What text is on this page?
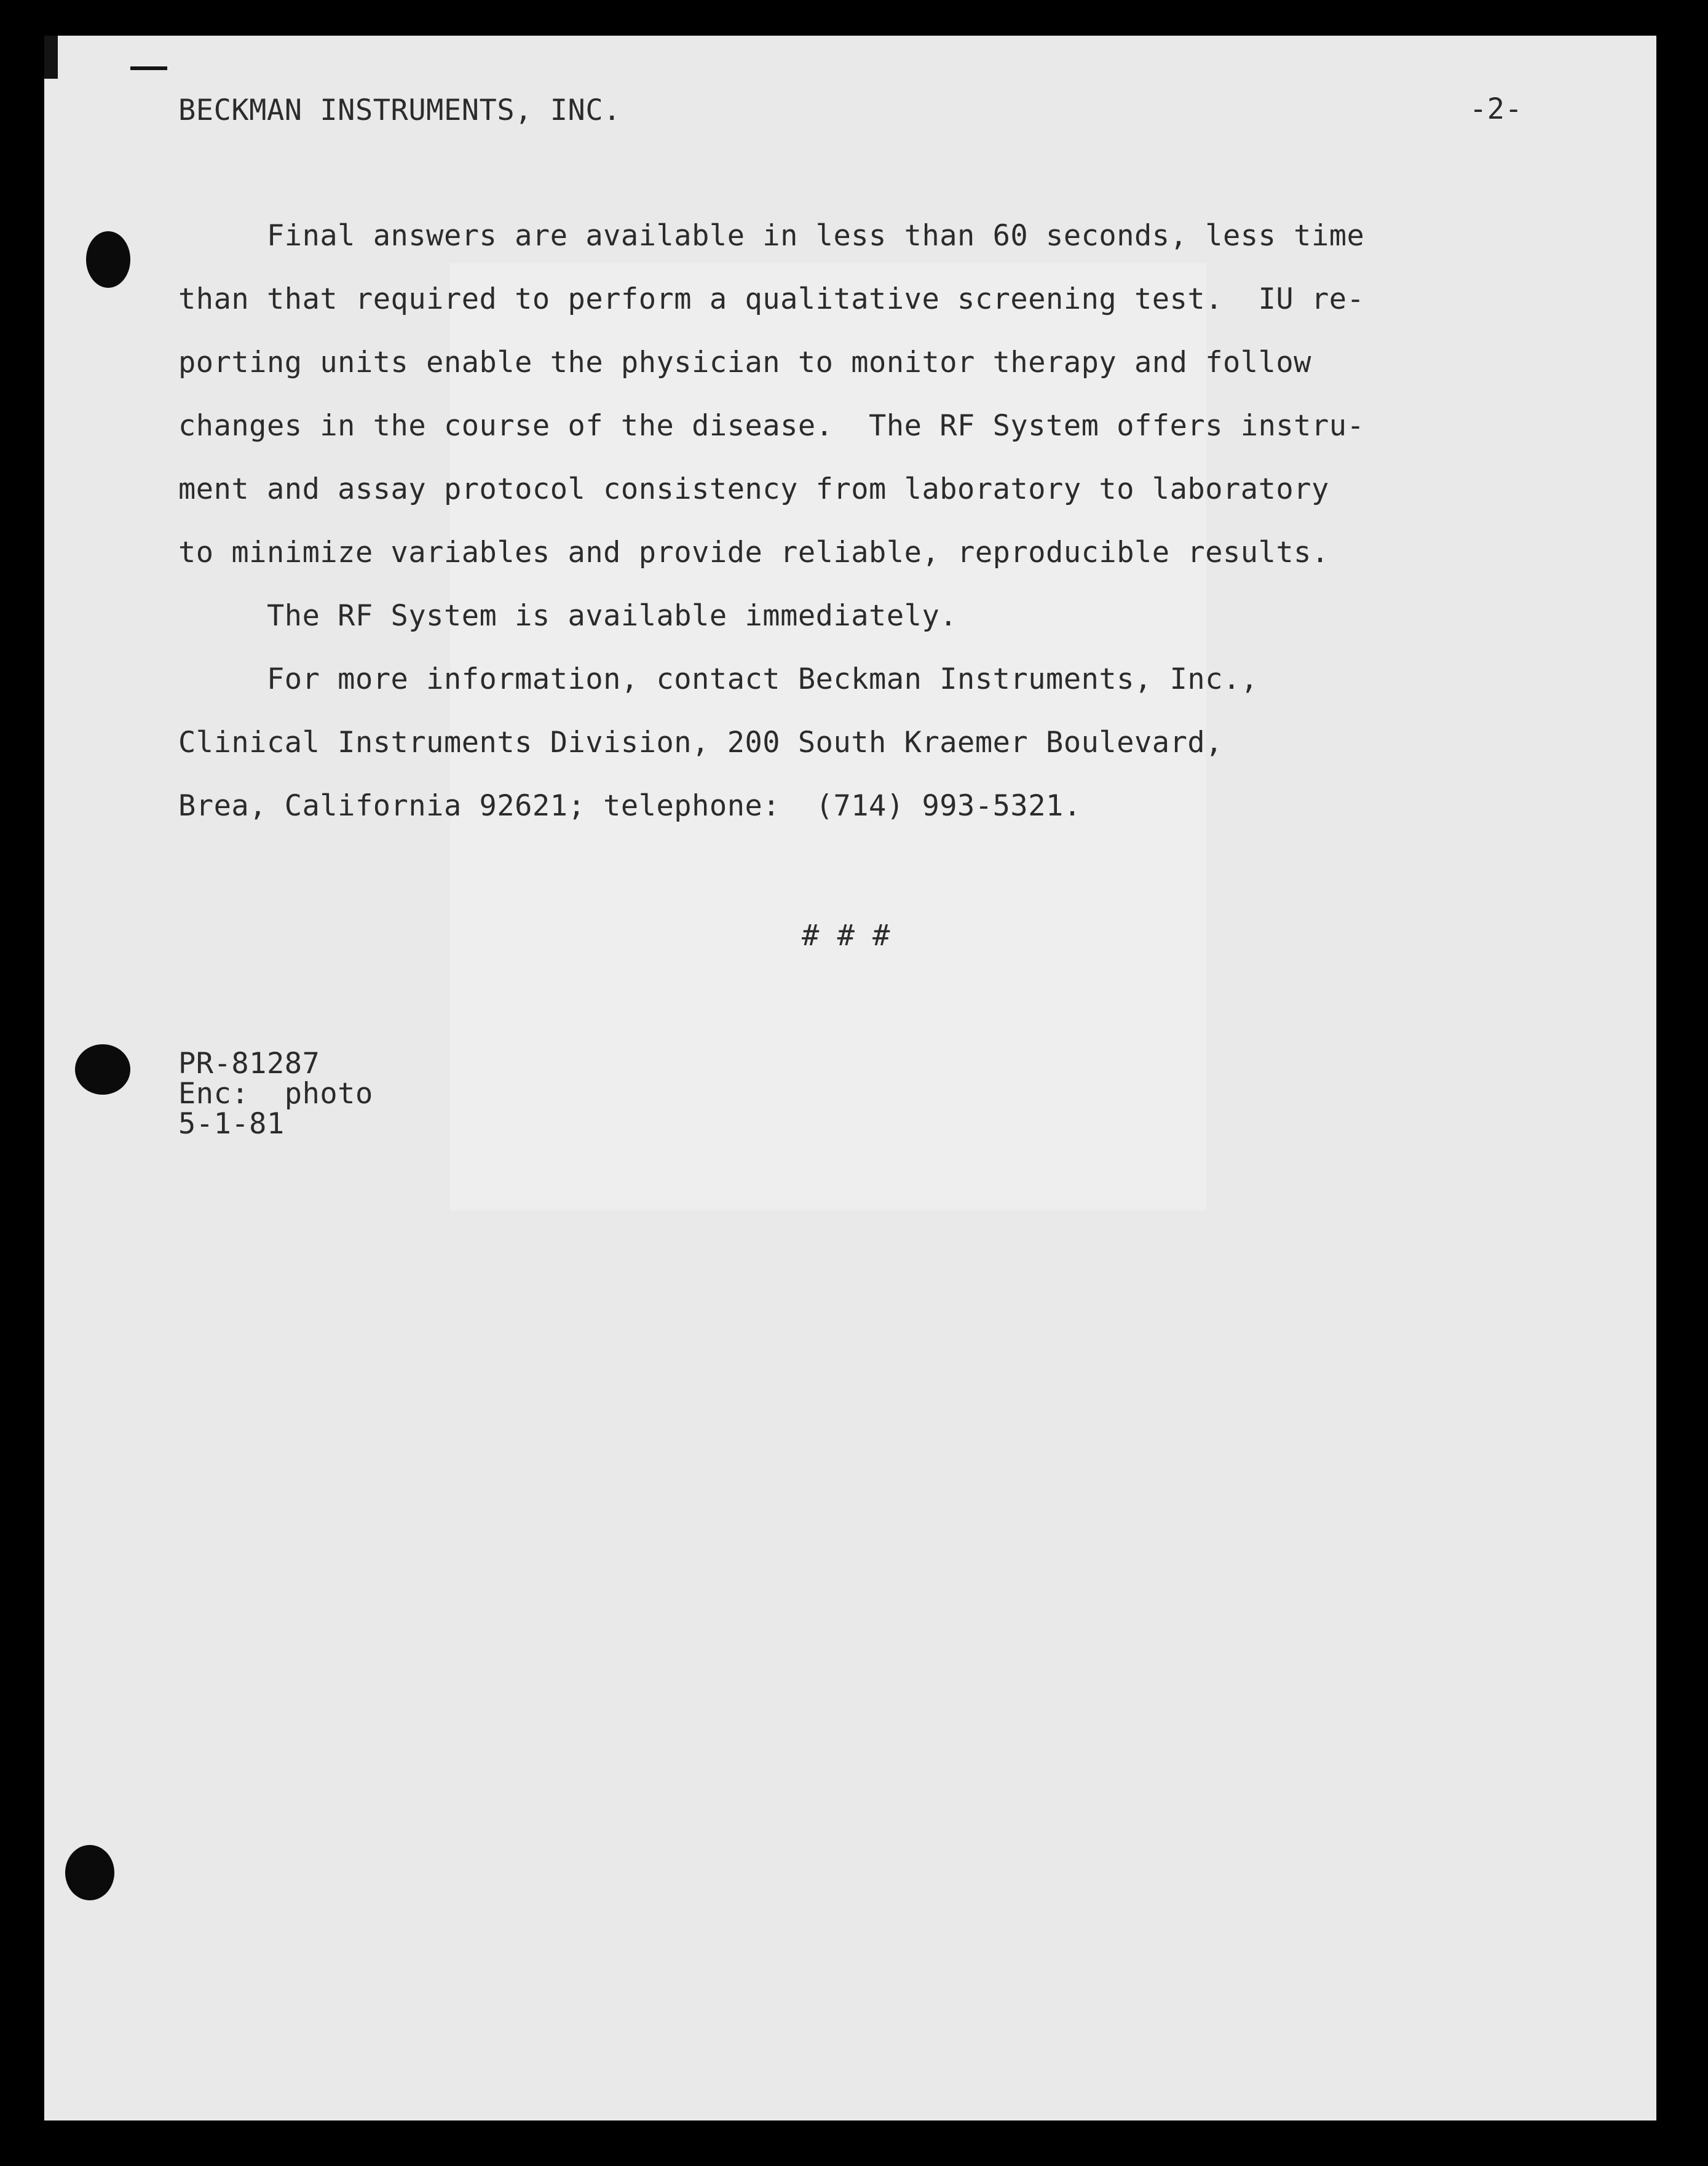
BECKMAN INSTRUMENTS, INC.	-2-
Final answers are available in less than 60 seconds, less time
than that required to perform a qualitative screening test.  IU re-
porting units enable the physician to monitor therapy and follow
changes in the course of the disease.  The RF System offers instru-
ment and assay protocol consistency from laboratory to laboratory
to minimize variables and provide reliable, reproducible results.
The RF System is available immediately.
For more information, contact Beckman Instruments, Inc.,
Clinical Instruments Division, 200 South Kraemer Boulevard,
Brea, California 92621; telephone:  (714) 993-5321.
# # #
PR-81287
Enc:  photo
5-1-81
